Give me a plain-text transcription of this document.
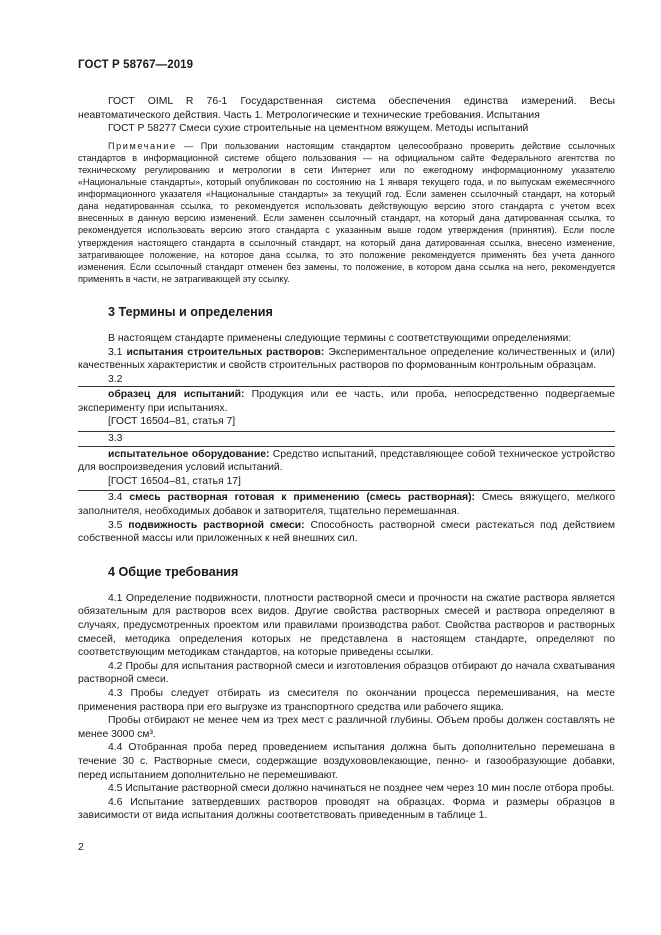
ГОСТ Р 58767—2019

ГОСТ OIML R 76-1 Государственная система обеспечения единства измерений. Весы неавтоматического действия. Часть 1. Метрологические и технические требования. Испытания

ГОСТ Р 58277 Смеси сухие строительные на цементном вяжущем. Методы испытаний

Примечание — При пользовании настоящим стандартом целесообразно проверить действие ссылочных стандартов в информационной системе общего пользования — на официальном сайте Федерального агентства по техническому регулированию и метрологии в сети Интернет или по ежегодному информационному указателю «Национальные стандарты», который опубликован по состоянию на 1 января текущего года, и по выпускам ежемесячного информационного указателя «Национальные стандарты» за текущий год. Если заменен ссылочный стандарт, на который дана недатированная ссылка, то рекомендуется использовать действующую версию этого стандарта с учетом всех внесенных в данную версию изменений. Если заменен ссылочный стандарт, на который дана датированная ссылка, то рекомендуется использовать версию этого стандарта с указанным выше годом утверждения (принятия). Если после утверждения настоящего стандарта в ссылочный стандарт, на который дана датированная ссылка, внесено изменение, затрагивающее положение, на которое дана ссылка, то это положение рекомендуется применять без учета данного изменения. Если ссылочный стандарт отменен без замены, то положение, в котором дана ссылка на него, рекомендуется применять в части, не затрагивающей эту ссылку.

3 Термины и определения

В настоящем стандарте применены следующие термины с соответствующими определениями:

3.1 испытания строительных растворов: Экспериментальное определение количественных и (или) качественных характеристик и свойств строительных растворов по формованным контрольным образцам.

3.2

образец для испытаний: Продукция или ее часть, или проба, непосредственно подвергаемые эксперименту при испытаниях.

[ГОСТ 16504–81, статья 7]
3.3

испытательное оборудование: Средство испытаний, представляющее собой техническое устройство для воспроизведения условий испытаний.

[ГОСТ 16504–81, статья 17]

3.4 смесь растворная готовая к применению (смесь растворная): Смесь вяжущего, мелкого заполнителя, необходимых добавок и затворителя, тщательно перемешанная.

3.5 подвижность растворной смеси: Способность растворной смеси растекаться под действием собственной массы или приложенных к ней внешних сил.

4 Общие требования

4.1 Определение подвижности, плотности растворной смеси и прочности на сжатие раствора является обязательным для растворов всех видов. Другие свойства растворных смесей и раствора определяют в случаях, предусмотренных проектом или правилами производства работ. Свойства растворов и растворных смесей, методика определения которых не представлена в настоящем стандарте, определяют по соответствующим методикам стандартов, на которые приведены ссылки.

4.2 Пробы для испытания растворной смеси и изготовления образцов отбирают до начала схватывания растворной смеси.

4.3 Пробы следует отбирать из смесителя по окончании процесса перемешивания, на месте применения раствора при его выгрузке из транспортного средства или рабочего ящика.

Пробы отбирают не менее чем из трех мест с различной глубины. Объем пробы должен составлять не менее 3000 см³.

4.4 Отобранная проба перед проведением испытания должна быть дополнительно перемешана в течение 30 с. Растворные смеси, содержащие воздухововлекающие, пенно- и газообразующие добавки, перед испытанием дополнительно не перемешивают.

4.5 Испытание растворной смеси должно начинаться не позднее чем через 10 мин после отбора пробы.

4.6 Испытание затвердевших растворов проводят на образцах. Форма и размеры образцов в зависимости от вида испытания должны соответствовать приведенным в таблице 1.

2
